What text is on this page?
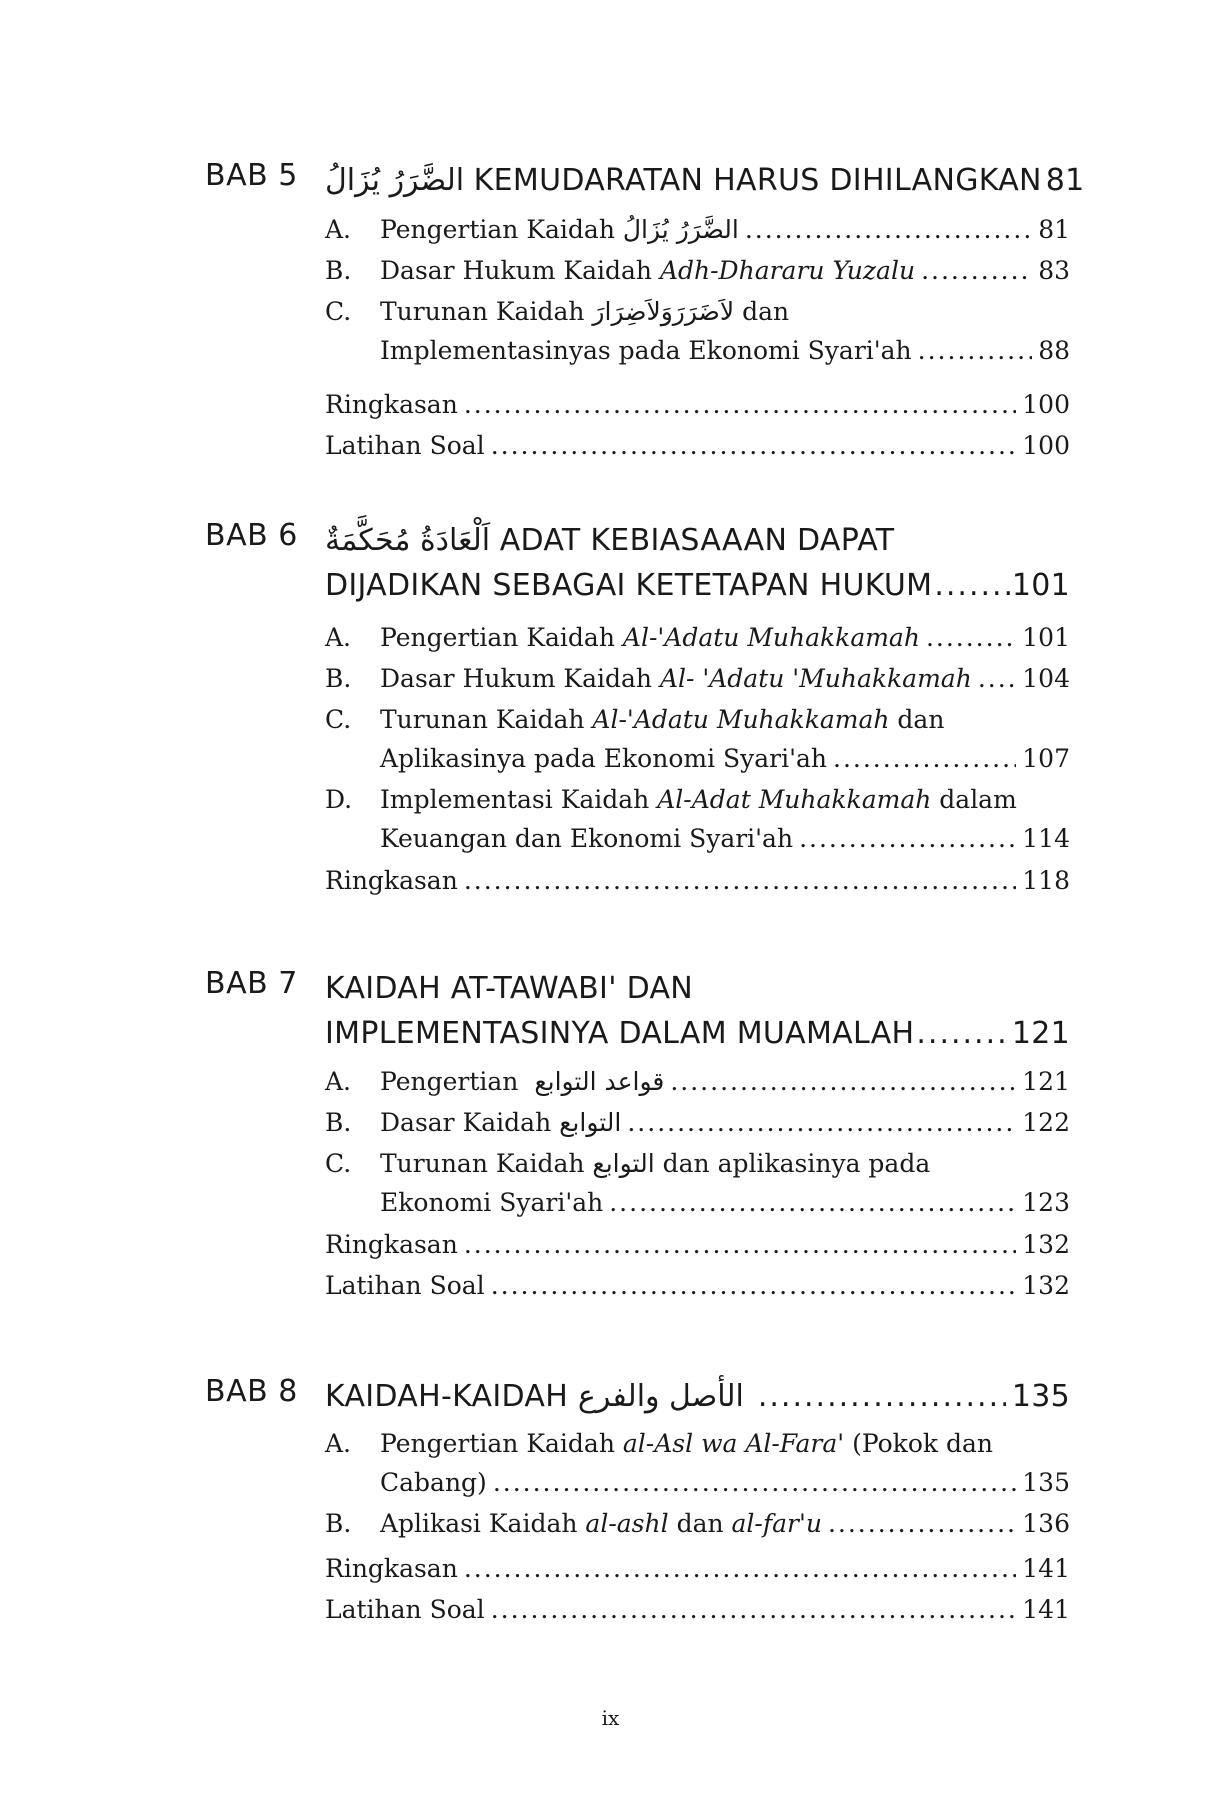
BAB 5 الضَّرَرُ يُزَالُ KEMUDARATAN HARUS DIHILANGKAN 81
A. Pengertian Kaidah الضَّرَرُ يُزَالُ .....	81
B. Dasar Hukum Kaidah Adh-Dhararu Yuzalu .....	83
C. Turunan Kaidah لاَضَرَرَوَلاَضِرَارَ dan
Implementasinyas pada Ekonomi Syari'ah .....	88
Ringkasan .....	100
Latihan Soal .....	100
BAB 6 اَلْعَادَةُ مُحَكَّمَةٌ ADAT KEBIASAAAN DAPAT
DIJADIKAN SEBAGAI KETETAPAN HUKUM .....	101
A. Pengertian Kaidah Al-'Adatu Muhakkamah .....	101
B. Dasar Hukum Kaidah Al- 'Adatu 'Muhakkamah ..... 104
C. Turunan Kaidah Al-'Adatu Muhakkamah dan
Aplikasinya pada Ekonomi Syari'ah .....	107
D. Implementasi Kaidah Al-Adat Muhakkamah dalam
Keuangan dan Ekonomi Syari'ah .....	114
Ringkasan .....	118
BAB 7 KAIDAH AT-TAWABI' DAN
IMPLEMENTASINYA DALAM MUAMALAH .....	121
A. Pengertian قواعد التوابع .....	121
B. Dasar Kaidah التوابع .....	122
C. Turunan Kaidah التوابع dan aplikasinya pada
Ekonomi Syari'ah .....	123
Ringkasan .....	132
Latihan Soal .....	132
BAB 8 KAIDAH-KAIDAH الأصل والفرع .....	135
A. Pengertian Kaidah al-Asl wa Al-Fara' (Pokok dan
Cabang) .....	135
B. Aplikasi Kaidah al-ashl dan al-far'u .....	136
Ringkasan .....	141
Latihan Soal .....	141
ix
